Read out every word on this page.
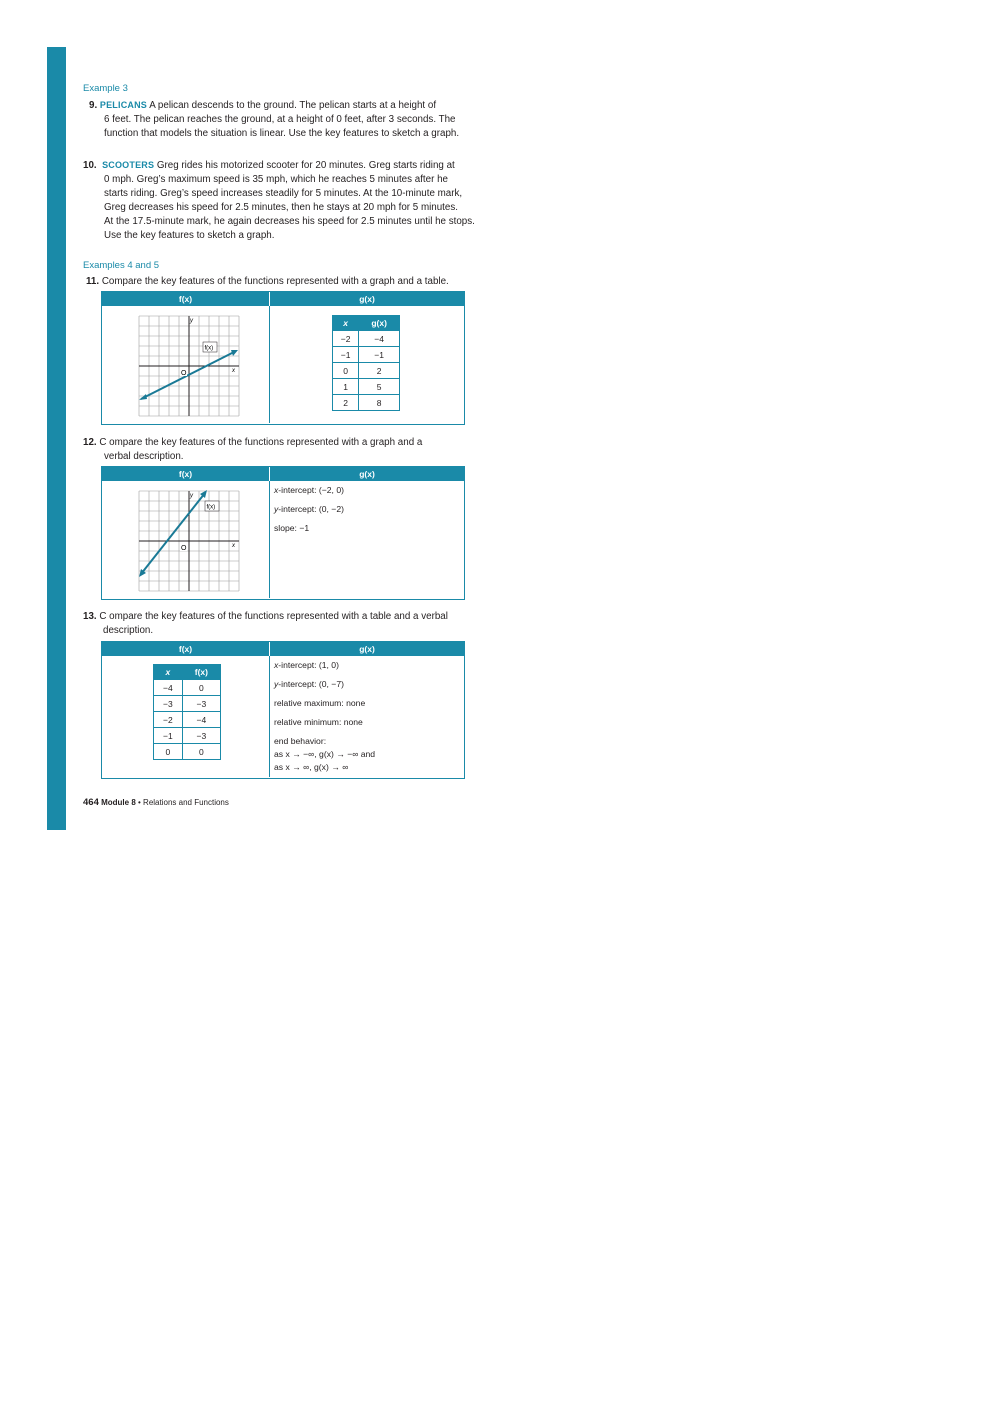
Example 3

9. PELICANS A pelican descends to the ground. The pelican starts at a height of

6 feet. The pelican reaches the ground, at a height of 0 feet, after 3 seconds. The

function that models the situation is linear. Use the key features to sketch a graph.

10. SCOOTERS Greg rides his motorized scooter for 20 minutes. Greg starts riding at

0 mph. Greg’s maximum speed is 35 mph, which he reaches 5 minutes after he

starts riding. Greg’s speed increases steadily for 5 minutes. At the 10-minute mark,

Greg decreases his speed for 2.5 minutes, then he stays at 20 mph for 5 minutes.

At the 17.5-minute mark, he again decreases his speed for 2.5 minutes until he stops.

Use the key features to sketch a graph.

Examples 4 and 5

11. Compare the key features of the functions represented with a graph and a table.

f(x)	g(x)
f(x)
y
x
O
x	g(x)
−2	−4
−1	−1
0	2
1	5
2	8

12. C ompare the key features of the functions represented with a graph and a

verbal description.

f(x)	g(x)
f(x)
y
x
O
x-intercept: (−2, 0)
y-intercept: (0, −2)
slope: −1

13. C ompare the key features of the functions represented with a table and a verbal

description.

f(x)	g(x)
x	f(x)
−4	0
−3	−3
−2	−4
−1	−3
0	0
x-intercept: (1, 0)
y-intercept: (0, −7)
relative maximum: none
relative minimum: none
end behavior:
as x → −∞, g(x) → −∞ and
as x → ∞, g(x) → ∞
464 Module 8 • Relations and Functions
